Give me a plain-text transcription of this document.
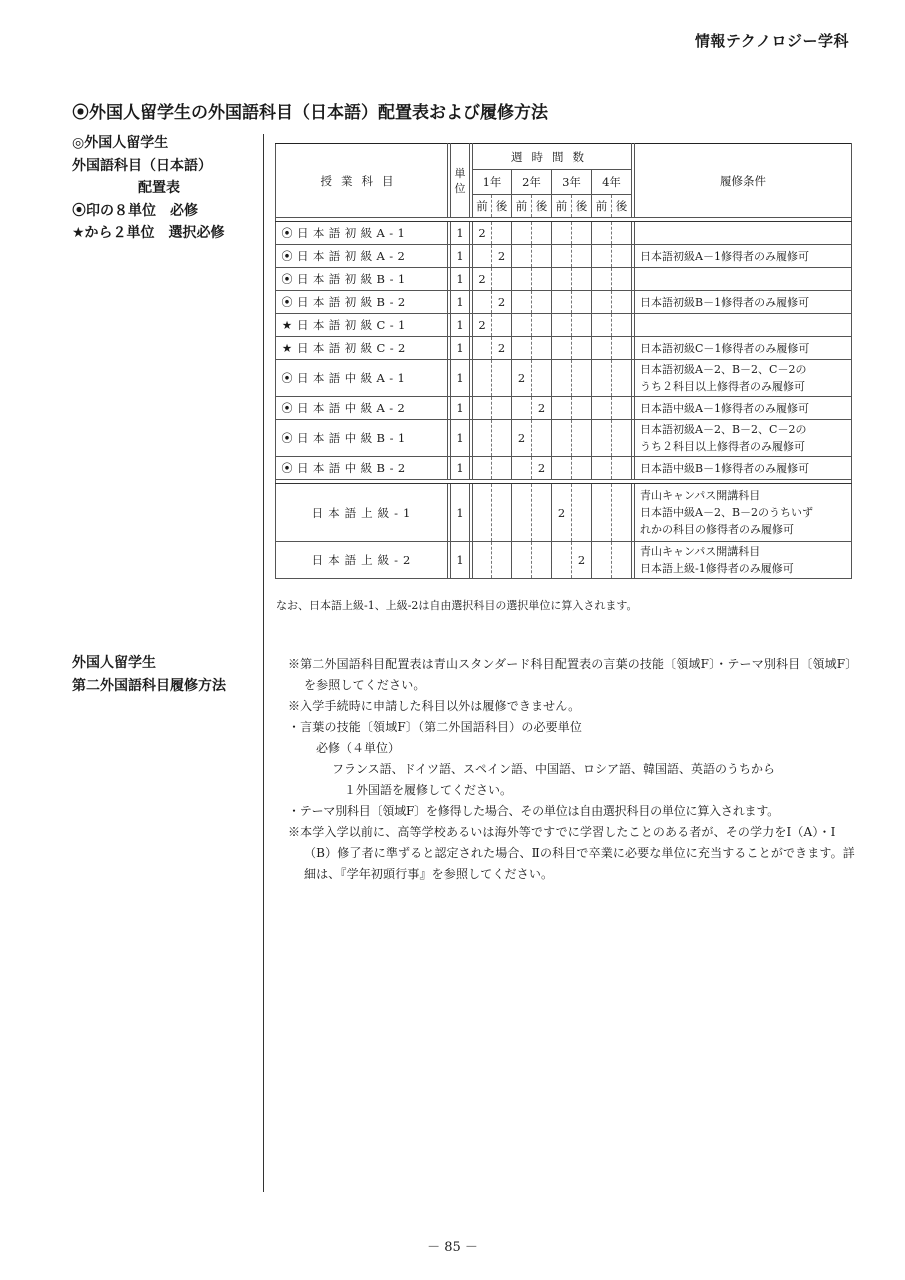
情報テクノロジー学科
⦿外国人留学生の外国語科目（日本語）配置表および履修方法
◎外国人留学生
外国語科目（日本語）
配置表
⦿印の８単位　必修
★から２単位　選択必修
授業科目		単位		週時間数									履修条件
				1年		2年		3年		4年			
				前	後	前	後	前	後	前	後		

⦿ 日本語初級A-1		1		2									
⦿ 日本語初級A-2		1			2								日本語初級A－1修得者のみ履修可

⦿ 日本語初級B-1		1		2									
⦿ 日本語初級B-2		1			2								日本語初級B－1修得者のみ履修可

★ 日本語初級C-1		1		2									
★ 日本語初級C-2		1			2								日本語初級C－1修得者のみ履修可

⦿ 日本語中級A-1		1				2							日本語初級A－2、B－2、C－2の
うち２科目以上修得者のみ履修可

⦿ 日本語中級A-2		1					2						日本語中級A－1修得者のみ履修可

⦿ 日本語中級B-1		1				2							日本語初級A－2、B－2、C－2の
うち２科目以上修得者のみ履修可

⦿ 日本語中級B-2		1					2						日本語中級B－1修得者のみ履修可

日本語上級-1		1						2					青山キャンパス開講科目
日本語中級A－2、B－2のうちいず
れかの科目の修得者のみ履修可

日本語上級-2		1							2				青山キャンパス開講科目
日本語上級-1修得者のみ履修可
なお、日本語上級-1、上級-2は自由選択科目の選択単位に算入されます。
外国人留学生
第二外国語科目履修方法

※第二外国語科目配置表は青山スタンダード科目配置表の言葉の技能〔領域F〕・テーマ別科目〔領域F〕を参照してください。

※入学手続時に申請した科目以外は履修できません。

・言葉の技能〔領域F〕（第二外国語科目）の必要単位

必修（４単位）

フランス語、ドイツ語、スペイン語、中国語、ロシア語、韓国語、英語のうちから

１外国語を履修してください。

・テーマ別科目〔領域F〕を修得した場合、その単位は自由選択科目の単位に算入されます。

※本学入学以前に、高等学校あるいは海外等ですでに学習したことのある者が、その学力をⅠ（A）・Ⅰ（B）修了者に準ずると認定された場合、Ⅱの科目で卒業に必要な単位に充当することができます。詳細は、『学年初頭行事』を参照してください。

－ 85 －
